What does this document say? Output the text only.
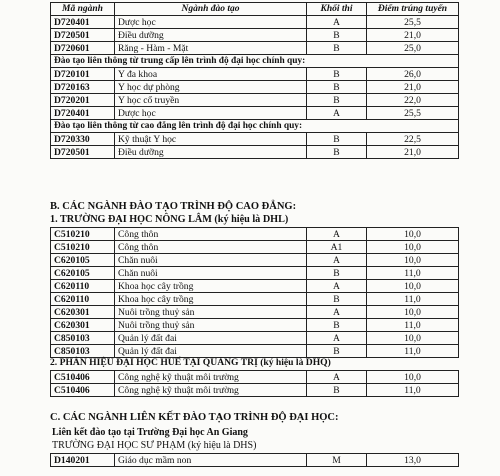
Mã ngành	Ngành đào tạo	Khối thi	Điểm trúng tuyển
D720401	Dược học	A	25,5
D720501	Điều dưỡng	B	21,0
D720601	Răng - Hàm - Mặt	B	25,0
Đào tạo liên thông từ trung cấp lên trình độ đại học chính quy:			
D720101	Y đa khoa	B	26,0
D720163	Y học dự phòng	B	21,0
D720201	Y học cổ truyền	B	22,0
D720401	Dược học	A	25,5
Đào tạo liên thông từ cao đẳng lên trình độ đại học chính quy:			
D720330	Kỹ thuật Y học	B	22,5
D720501	Điều dưỡng	B	21,0
B. CÁC NGÀNH ĐÀO TẠO TRÌNH ĐỘ CAO ĐẲNG:
1. TRƯỜNG ĐẠI HỌC NÔNG LÂM (ký hiệu là DHL)
C510210	Công thôn	A	10,0
C510210	Công thôn	A1	10,0
C620105	Chăn nuôi	A	10,0
C620105	Chăn nuôi	B	11,0
C620110	Khoa học cây trồng	A	10,0
C620110	Khoa học cây trồng	B	11,0
C620301	Nuôi trồng thuỷ sản	A	10,0
C620301	Nuôi trồng thuỷ sản	B	11,0
C850103	Quản lý đất đai	A	10,0
C850103	Quản lý đất đai	B	11,0
2. PHÂN HIỆU ĐẠI HỌC HUẾ TẠI QUẢNG TRỊ (ký hiệu là DHQ)
C510406	Công nghệ kỹ thuật môi trường	A	10,0
C510406	Công nghệ kỹ thuật môi trường	B	11,0
C. CÁC NGÀNH LIÊN KẾT ĐÀO TẠO TRÌNH ĐỘ ĐẠI HỌC:
Liên kết đào tạo tại Trường Đại học An Giang
TRƯỜNG ĐẠI HỌC SƯ PHẠM (ký hiệu là DHS)
D140201	Giáo dục mầm non	M	13,0
